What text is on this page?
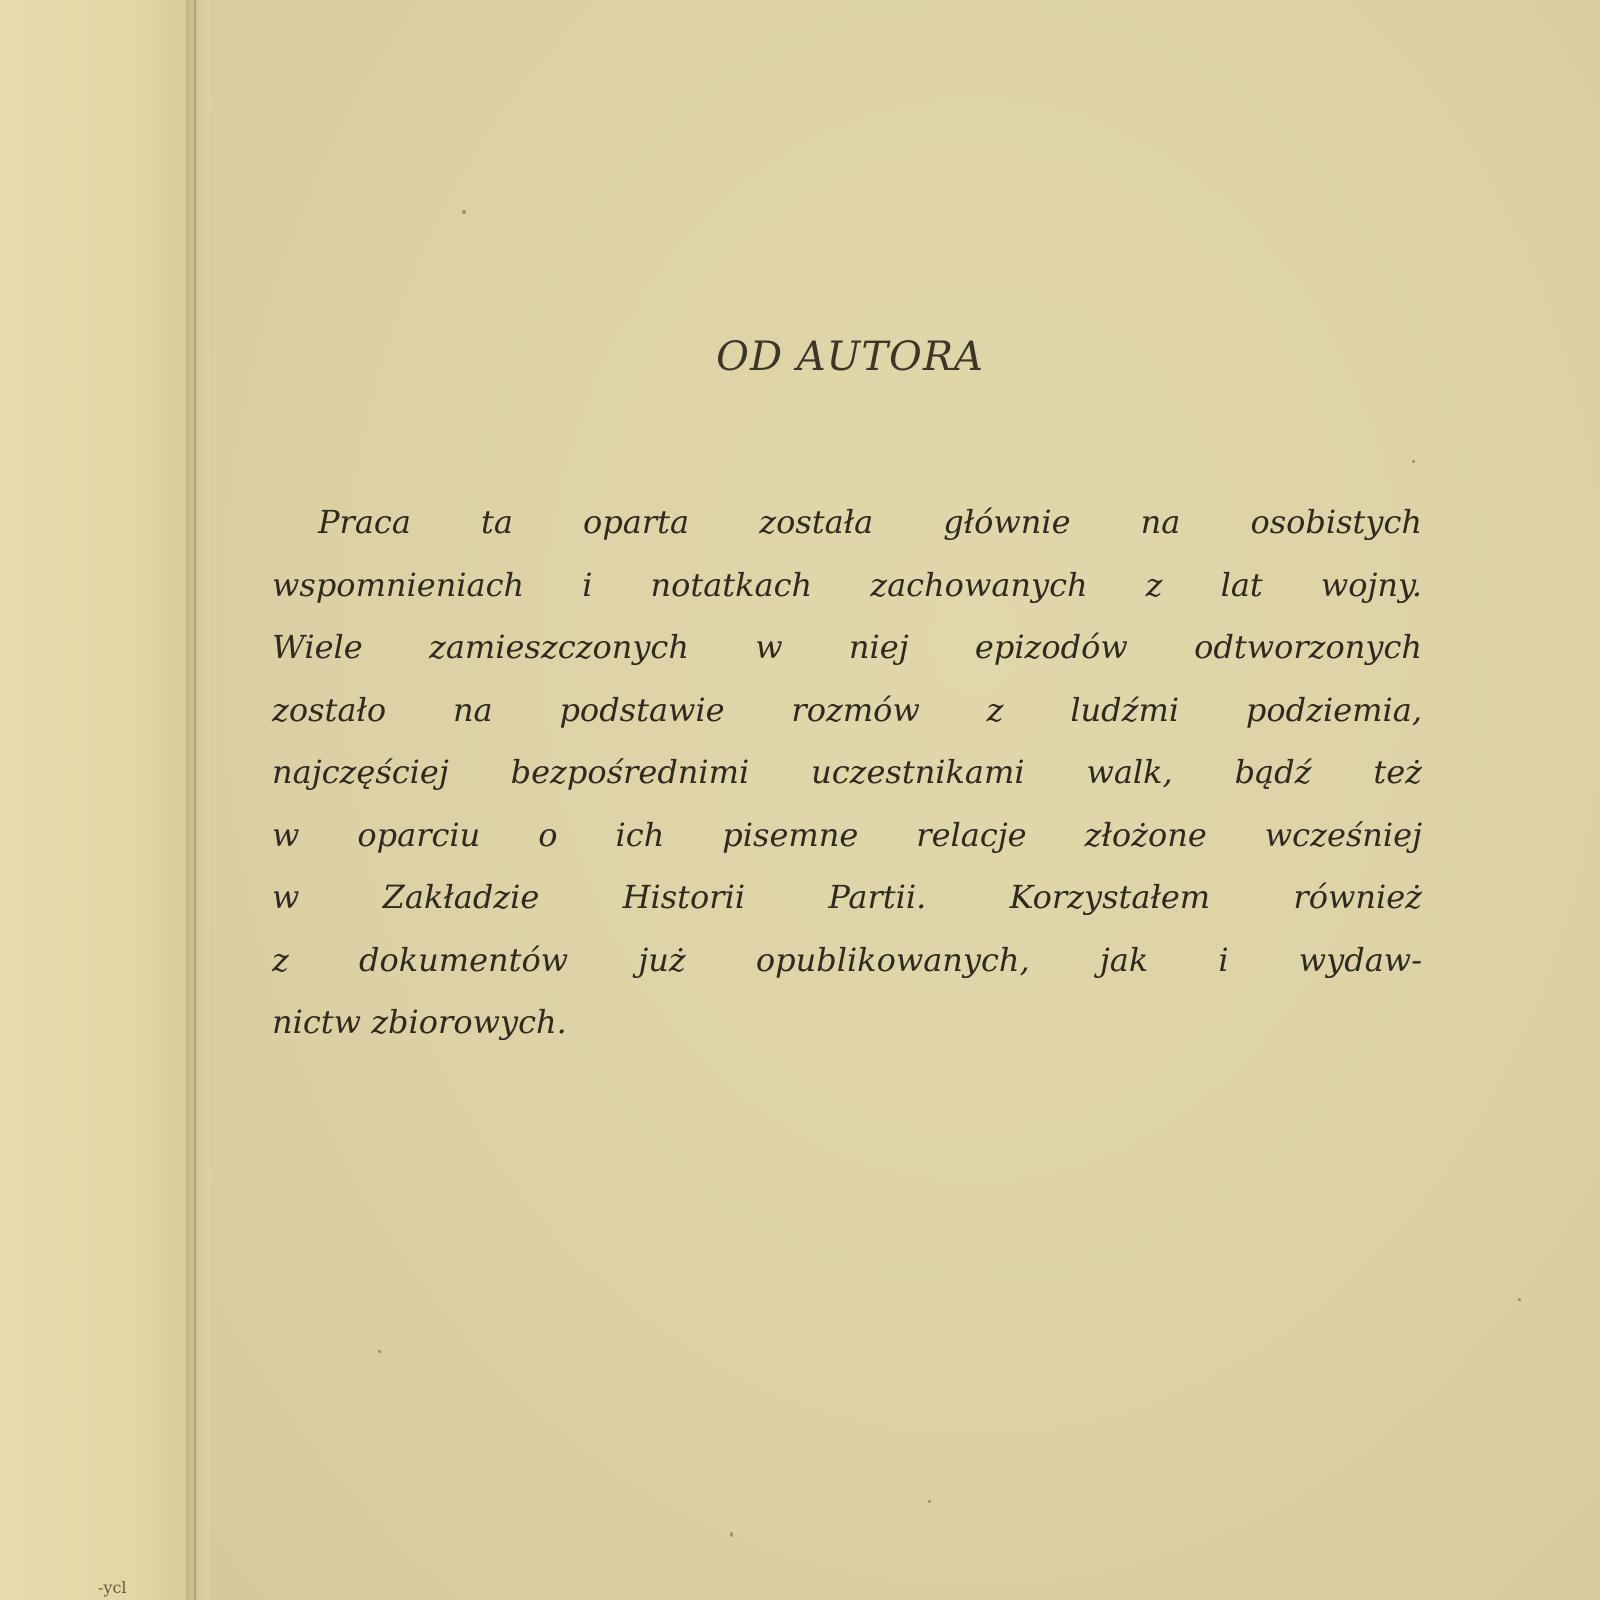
-ycl
OD AUTORA
Praca ta oparta została głównie na osobistych
wspomnieniach i notatkach zachowanych z lat wojny.
Wiele zamieszczonych w niej epizodów odtworzonych
zostało na podstawie rozmów z ludźmi podziemia,
najczęściej bezpośrednimi uczestnikami walk, bądź też
w oparciu o ich pisemne relacje złożone wcześniej
w Zakładzie Historii Partii. Korzystałem również
z dokumentów już opublikowanych, jak i wydaw-
nictw zbiorowych.
